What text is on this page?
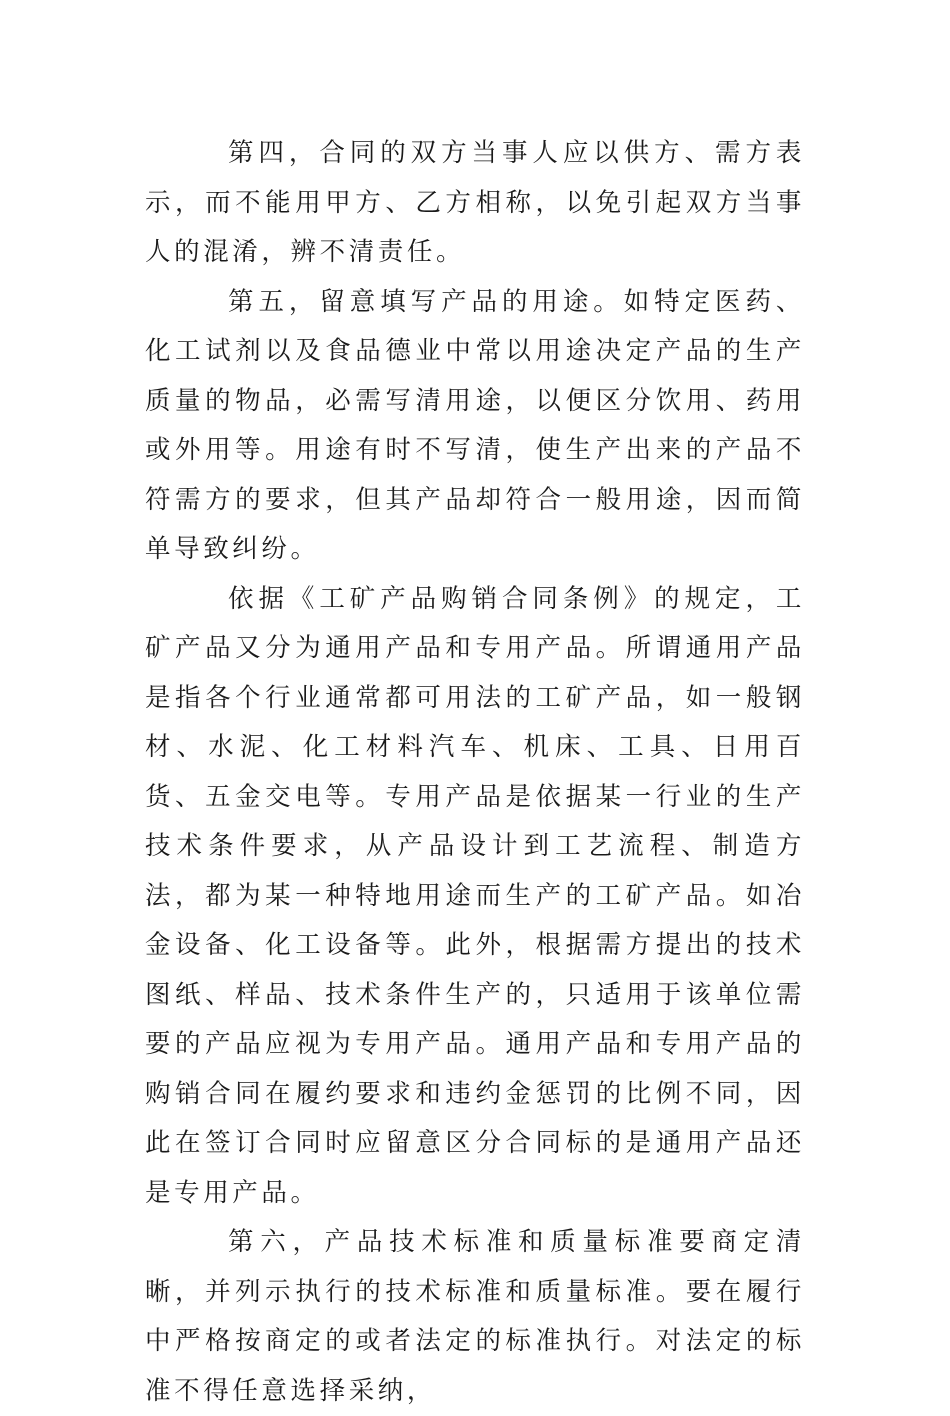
第四，合同的双方当事人应以供方、需方表示，而不能用甲方、乙方相称，以免引起双方当事人的混淆，辨不清责任。

第五，留意填写产品的用途。如特定医药、化工试剂以及食品德业中常以用途决定产品的生产质量的物品，必需写清用途，以便区分饮用、药用或外用等。用途有时不写清，使生产出来的产品不符需方的要求，但其产品却符合一般用途，因而简单导致纠纷。

依据《工矿产品购销合同条例》的规定，工矿产品又分为通用产品和专用产品。所谓通用产品是指各个行业通常都可用法的工矿产品，如一般钢材、水泥、化工材料汽车、机床、工具、日用百货、五金交电等。专用产品是依据某一行业的生产技术条件要求，从产品设计到工艺流程、制造方法，都为某一种特地用途而生产的工矿产品。如冶金设备、化工设备等。此外，根据需方提出的技术图纸、样品、技术条件生产的，只适用于该单位需要的产品应视为专用产品。通用产品和专用产品的购销合同在履约要求和违约金惩罚的比例不同，因此在签订合同时应留意区分合同标的是通用产品还是专用产品。

第六，产品技术标准和质量标准要商定清晰，并列示执行的技术标准和质量标准。要在履行中严格按商定的或者法定的标准执行。对法定的标准不得任意选择采纳，
